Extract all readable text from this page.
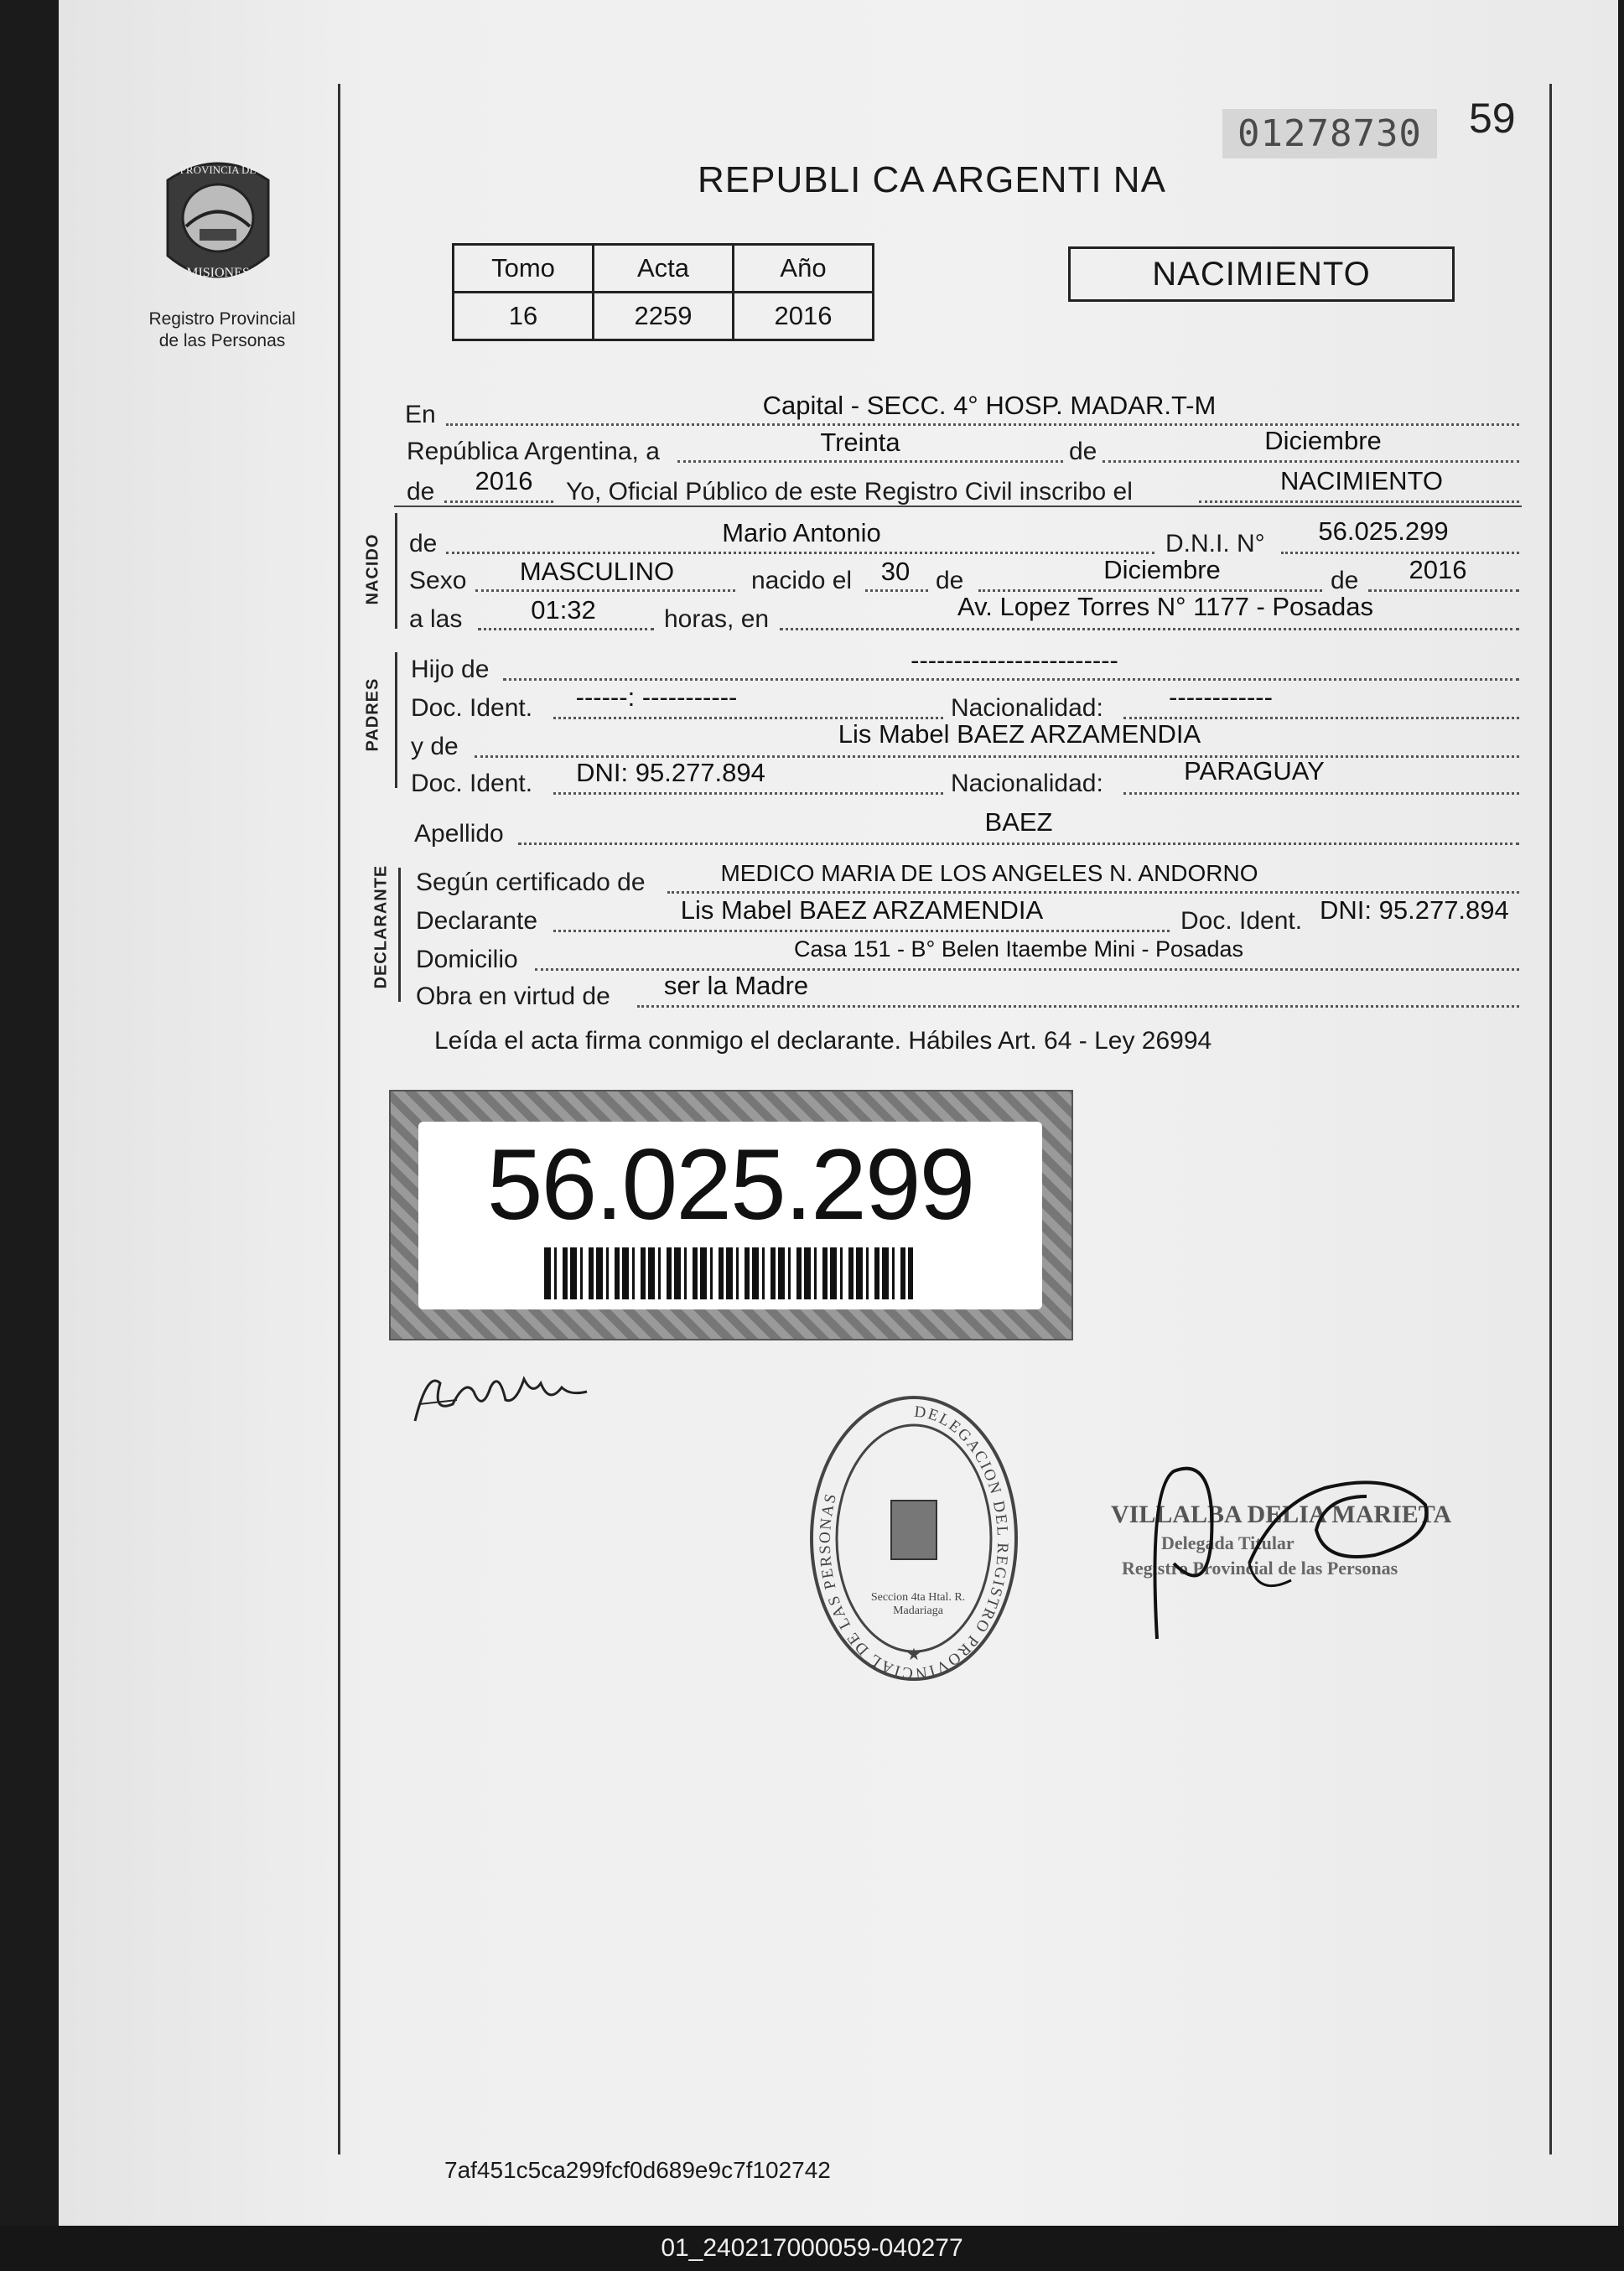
59
01278730
REPUBLI CA ARGENTI NA
PROVINCIA DE
MISIONES
Registro Provincial
de las Personas
Tomo	Acta	Año
16	2259	2016
NACIMIENTO
En	Capital - SECC. 4° HOSP. MADAR.T-M
República Argentina, a	Treinta	de	Diciembre
de 2016 Yo, Oficial Público de este Registro Civil inscribo el	NACIMIENTO
NACIDO de	Mario Antonio	D.N.I. N° 56.025.299
Sexo MASCULINO	nacido el 30 de	Diciembre	de 2016
a las	01:32	horas, en	Av. Lopez Torres N° 1177 - Posadas
PADRES
Hijo de	------------------------
Doc. Ident. ------: -----------	Nacionalidad:	------------
y de	Lis Mabel BAEZ ARZAMENDIA
Doc. Ident. DNI: 95.277.894	Nacionalidad:	PARAGUAY
Apellido	BAEZ
DECLARANTE Según certificado de	MEDICO MARIA DE LOS ANGELES N. ANDORNO
Declarante	Lis Mabel BAEZ ARZAMENDIA	Doc. Ident. DNI: 95.277.894
Domicilio	Casa 151 - B° Belen Itaembe Mini - Posadas
Obra en virtud de ser la Madre
Leída el acta firma conmigo el declarante. Hábiles Art. 64 - Ley 26994
56.025.299
DELEGACION DEL REGISTRO PROVINCIAL DE LAS PERSONAS
★
Seccion 4ta Htal. R. Madariaga
VILLALBA DELIA MARIETA
Delegada Titular
Registro Provincial de las Personas
7af451c5ca299fcf0d689e9c7f102742
01_240217000059-040277
